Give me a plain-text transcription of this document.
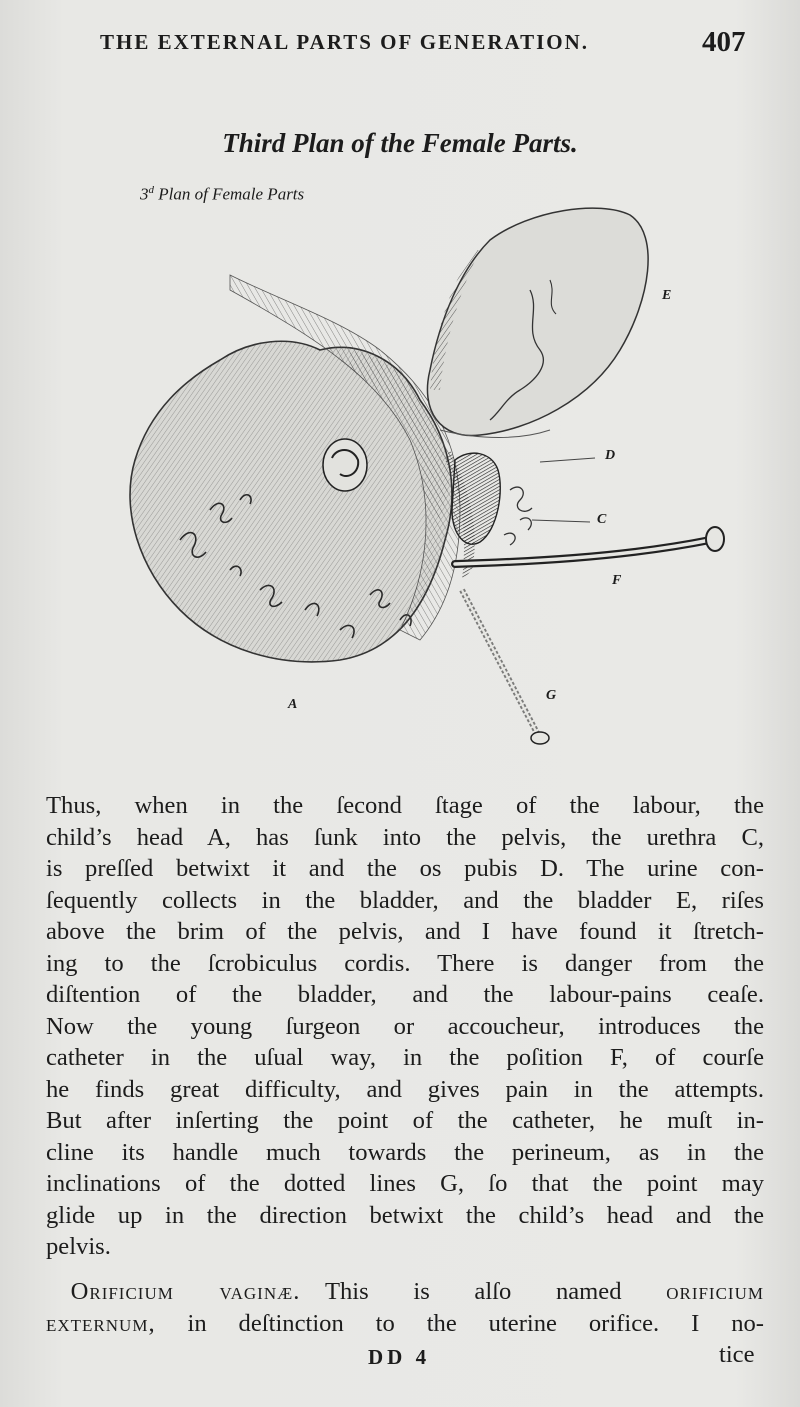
THE EXTERNAL PARTS OF GENERATION.	407
Third Plan of the Female Parts.
3$^d$ Plan of Female Parts
E
D
C
F
G
A
Thus, when in the ſecond ſtage of the labour, the
child’s head A, has ſunk into the pelvis, the urethra C,
is preſſed betwixt it and the os pubis D. The urine con-
ſequently collects in the bladder, and the bladder E, riſes
above the brim of the pelvis, and I have found it ſtretch-
ing to the ſcrobiculus cordis. There is danger from the
diſtention of the bladder, and the labour-pains ceaſe.
Now the young ſurgeon or accoucheur, introduces the
catheter in the uſual way, in the poſition F, of courſe
he finds great difficulty, and gives pain in the attempts.
But after inſerting the point of the catheter, he muſt in-
cline its handle much towards the perineum, as in the
inclinations of the dotted lines G, ſo that the point may
glide up in the direction betwixt the child’s head and the
pelvis.
 Orificium vaginæ.  This is alſo named orificium
externum, in deſtinction to the uterine orifice. I no-
DD 4	tice
